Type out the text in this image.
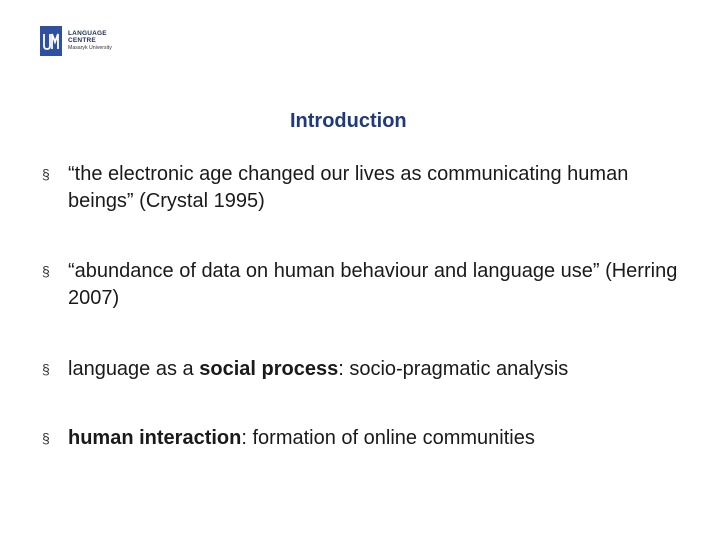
LANGUAGE
CENTRE
Masaryk University
Introduction
§ “the electronic age changed our lives as communicating human beings” (Crystal 1995)
§ “abundance of data on human behaviour and language use” (Herring 2007)
§ language as a social process: socio-pragmatic analysis
§ human interaction: formation of online communities
